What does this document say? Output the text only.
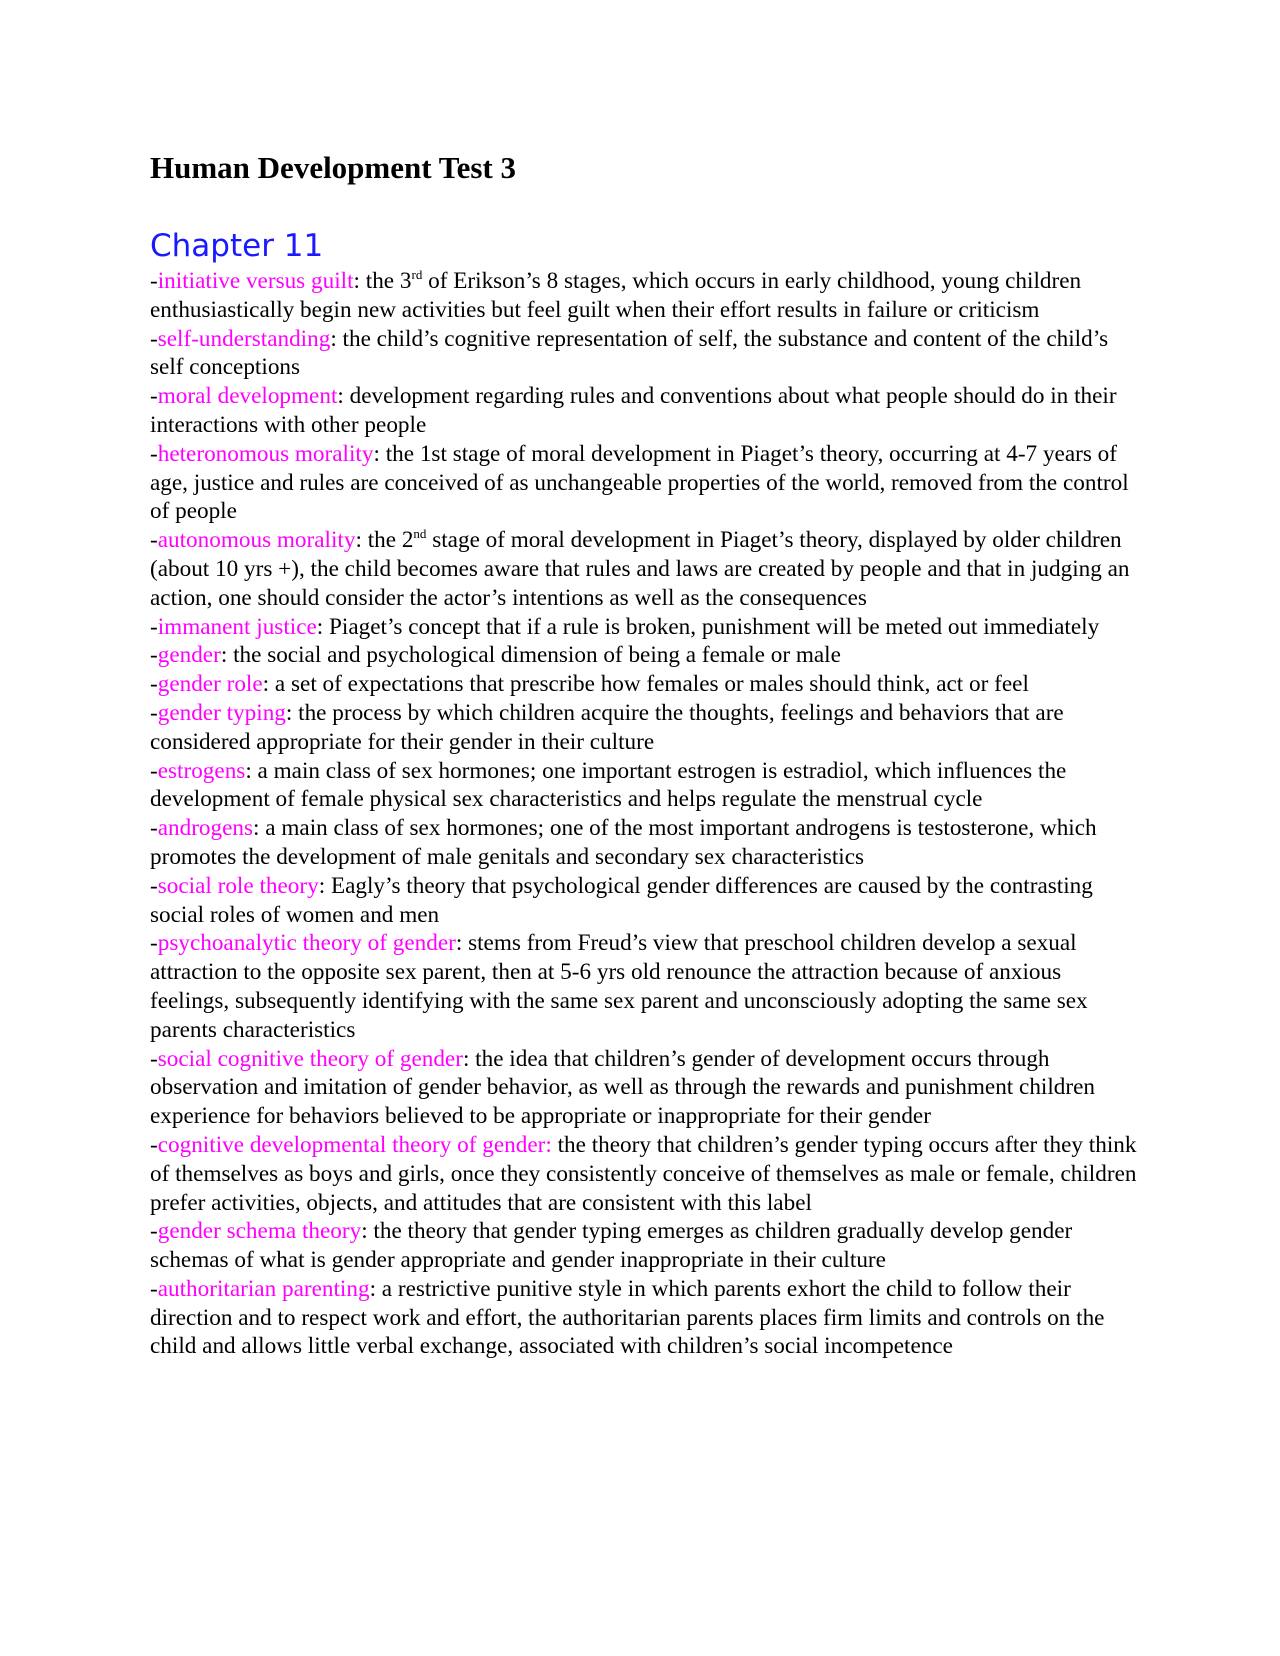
Human Development Test 3
Chapter 11
-initiative versus guilt: the 3rd of Erikson’s 8 stages, which occurs in early childhood, young children enthusiastically begin new activities but feel guilt when their effort results in failure or criticism
-self-understanding: the child’s cognitive representation of self, the substance and content of the child’s self conceptions
-moral development: development regarding rules and conventions about what people should do in their interactions with other people
-heteronomous morality: the 1st stage of moral development in Piaget’s theory, occurring at 4-7 years of age, justice and rules are conceived of as unchangeable properties of the world, removed from the control of people
-autonomous morality: the 2nd stage of moral development in Piaget’s theory, displayed by older children (about 10 yrs +), the child becomes aware that rules and laws are created by people and that in judging an action, one should consider the actor’s intentions as well as the consequences
-immanent justice: Piaget’s concept that if a rule is broken, punishment will be meted out immediately
-gender: the social and psychological dimension of being a female or male
-gender role: a set of expectations that prescribe how females or males should think, act or feel
-gender typing: the process by which children acquire the thoughts, feelings and behaviors that are considered appropriate for their gender in their culture
-estrogens: a main class of sex hormones; one important estrogen is estradiol, which influences the development of female physical sex characteristics and helps regulate the menstrual cycle
-androgens: a main class of sex hormones; one of the most important androgens is testosterone, which promotes the development of male genitals and secondary sex characteristics
-social role theory: Eagly’s theory that psychological gender differences are caused by the contrasting social roles of women and men
-psychoanalytic theory of gender: stems from Freud’s view that preschool children develop a sexual attraction to the opposite sex parent, then at 5-6 yrs old renounce the attraction because of anxious feelings, subsequently identifying with the same sex parent and unconsciously adopting the same sex parents characteristics
-social cognitive theory of gender: the idea that children’s gender of development occurs through observation and imitation of gender behavior, as well as through the rewards and punishment children experience for behaviors believed to be appropriate or inappropriate for their gender
-cognitive developmental theory of gender: the theory that children’s gender typing occurs after they think of themselves as boys and girls, once they consistently conceive of themselves as male or female, children prefer activities, objects, and attitudes that are consistent with this label
-gender schema theory: the theory that gender typing emerges as children gradually develop gender schemas of what is gender appropriate and gender inappropriate in their culture
-authoritarian parenting: a restrictive punitive style in which parents exhort the child to follow their direction and to respect work and effort, the authoritarian parents places firm limits and controls on the child and allows little verbal exchange, associated with children’s social incompetence
